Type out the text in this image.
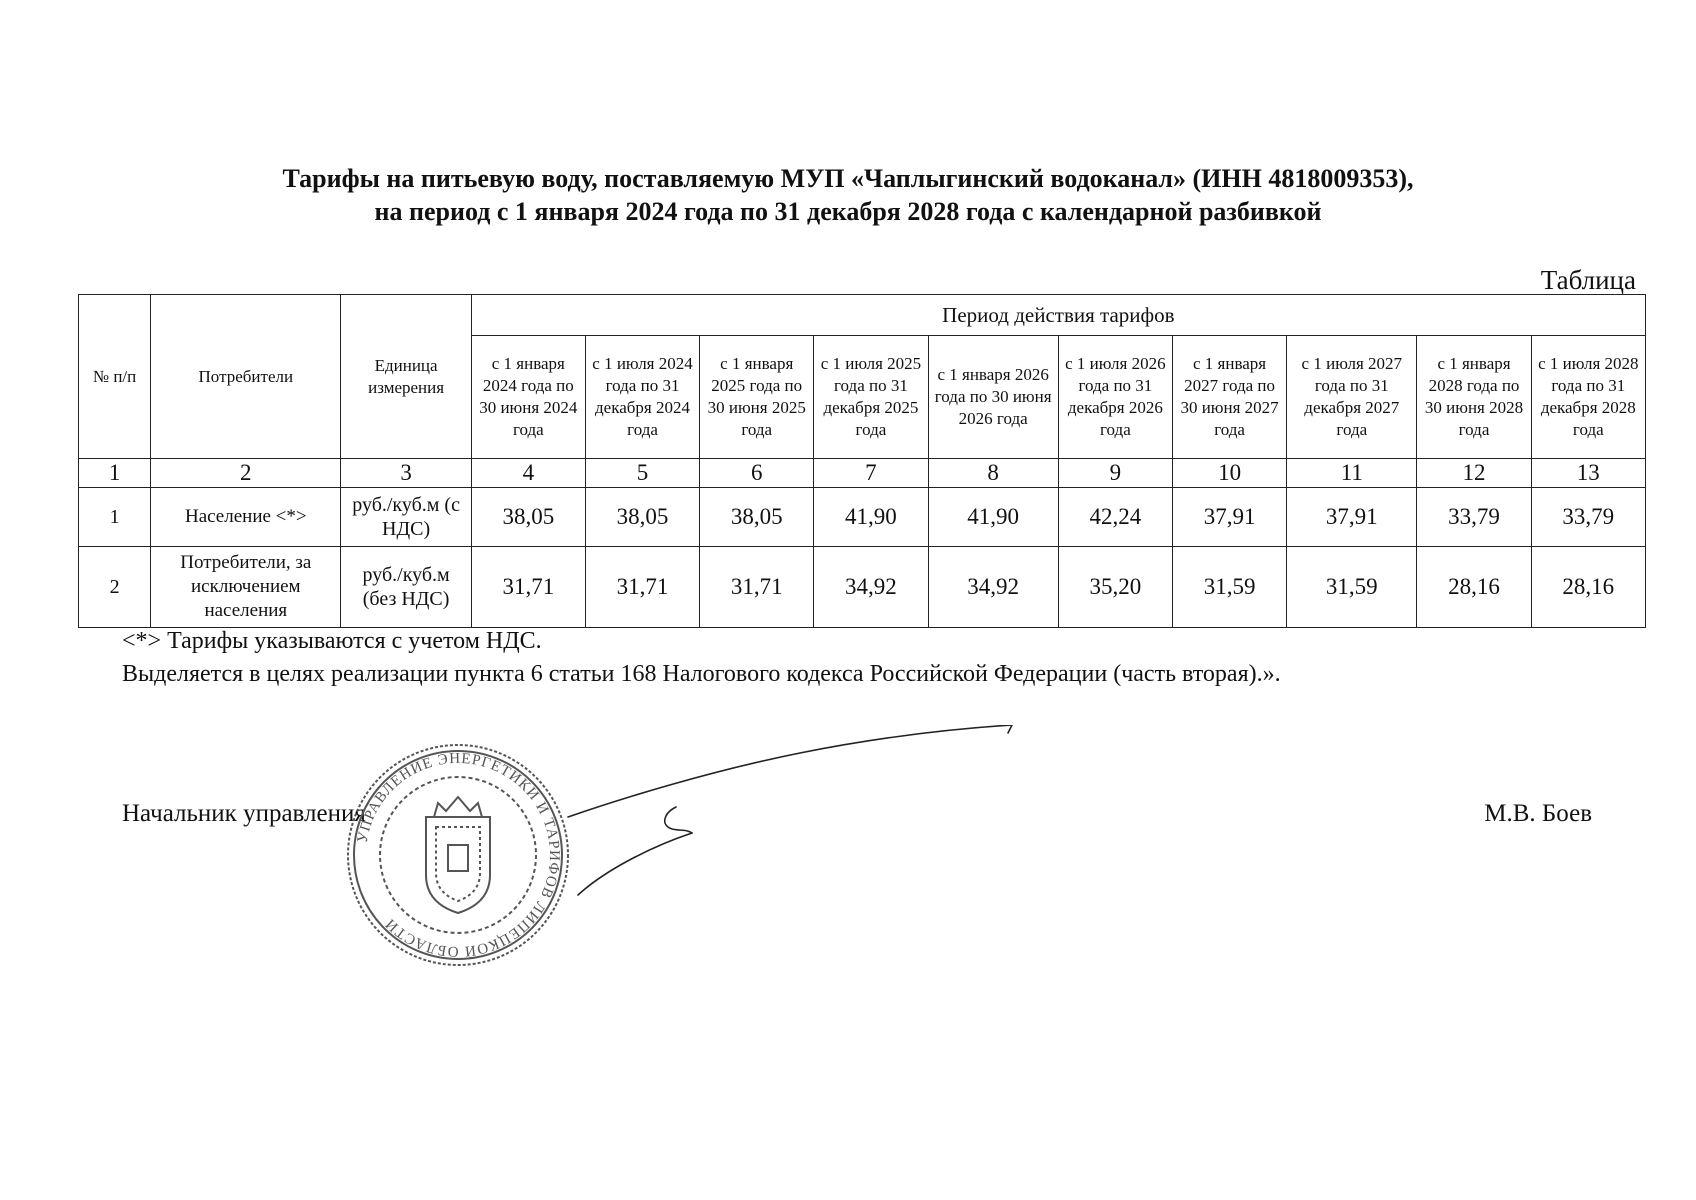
Тарифы на питьевую воду, поставляемую МУП «Чаплыгинский водоканал» (ИНН 4818009353),
на период с 1 января 2024 года по 31 декабря 2028 года с календарной разбивкой
Таблица
№ п/п	Потребители	Единица измерения	Период действия тарифов									
			с 1 января 2024 года по 30 июня 2024 года	с 1 июля 2024 года по 31 декабря 2024 года	с 1 января 2025 года по 30 июня 2025 года	с 1 июля 2025 года по 31 декабря 2025 года	с 1 января 2026 года по 30 июня 2026 года	с 1 июля 2026 года по 31 декабря 2026 года	с 1 января 2027 года по 30 июня 2027 года	с 1 июля 2027 года по 31 декабря 2027 года	с 1 января 2028 года по 30 июня 2028 года	с 1 июля 2028 года по 31 декабря 2028 года
1	2	3	4	5	6	7	8	9	10	11	12	13
1	Население <*>	руб./куб.м (с НДС)	38,05	38,05	38,05	41,90	41,90	42,24	37,91	37,91	33,79	33,79
2	Потребители, за исключением населения	руб./куб.м (без НДС)	31,71	31,71	31,71	34,92	34,92	35,20	31,59	31,59	28,16	28,16
<*> Тарифы указываются с учетом НДС.
Выделяется в целях реализации пункта 6 статьи 168 Налогового кодекса Российской Федерации (часть вторая).».
Начальник управления	М.В. Боев
УПРАВЛЕНИЕ ЭНЕРГЕТИКИ И ТАРИФОВ ЛИПЕЦКОЙ ОБЛАСТИ
